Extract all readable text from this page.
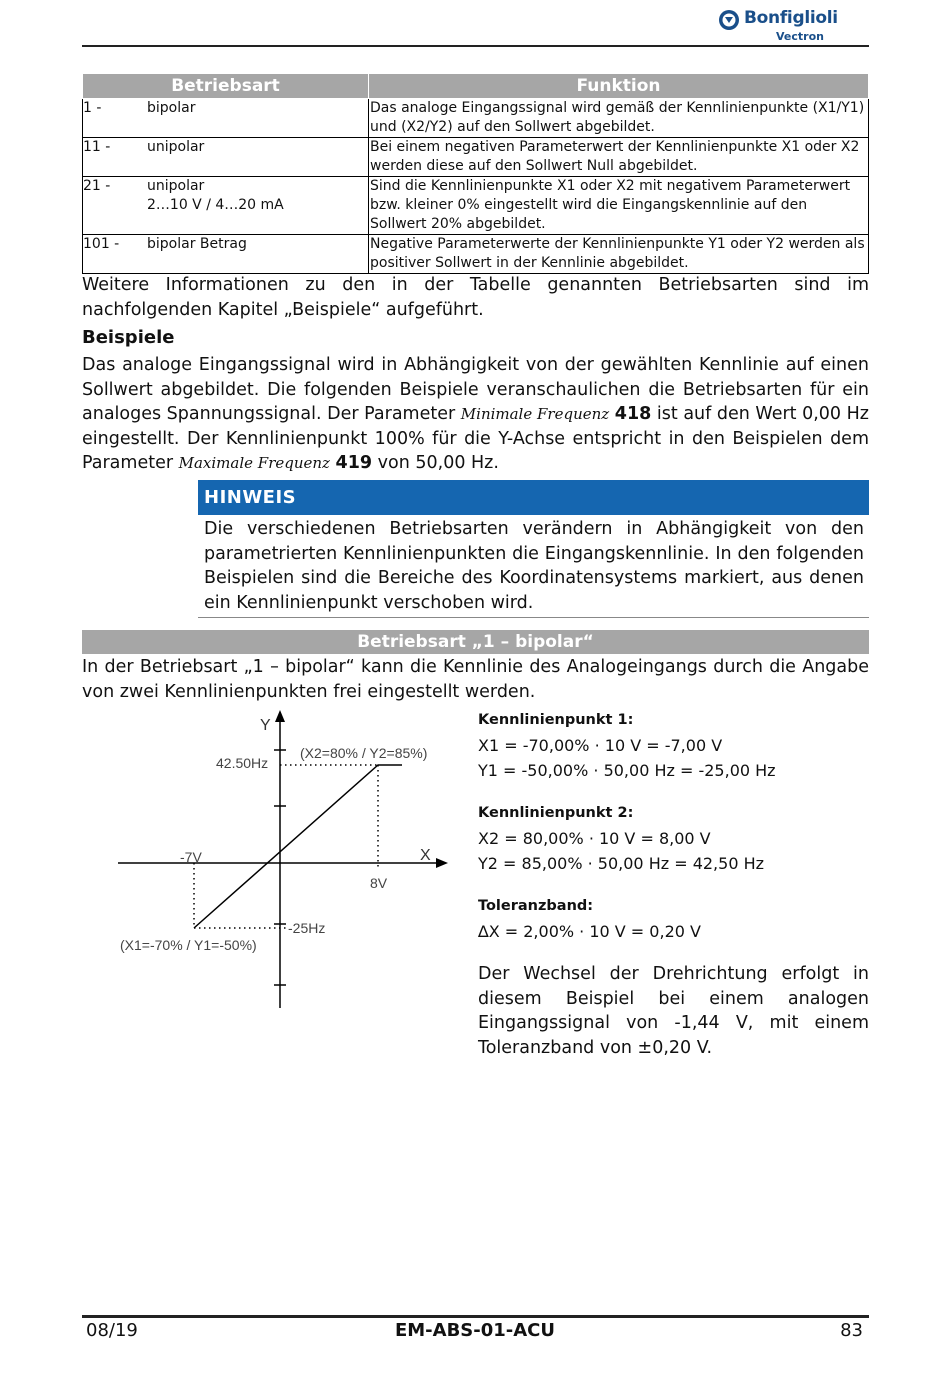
Bonfiglioli
Vectron
Betriebsart	Funktion
1 - bipolar	Das analoge Eingangssignal wird gemäß der Kennlinienpunkte (X1/Y1) und (X2/Y2) auf den Sollwert abgebildet.
11 - unipolar	Bei einem negativen Parameterwert der Kennlinienpunkte X1 oder X2 werden diese auf den Sollwert Null abgebildet.
21 - unipolar
2…10 V / 4…20 mA	Sind die Kennlinienpunkte X1 oder X2 mit negativem Parameterwert bzw. kleiner 0% eingestellt wird die Eingangskennlinie auf den Sollwert 20% abgebildet.
101 - bipolar Betrag	Negative Parameterwerte der Kennlinienpunkte Y1 oder Y2 werden als positiver Sollwert in der Kennlinie abgebildet.
Weitere Informationen zu den in der Tabelle genannten Betriebsarten sind im nachfolgenden Kapitel „Beispiele“ aufgeführt.
Beispiele
Das analoge Eingangssignal wird in Abhängigkeit von der gewählten Kennlinie auf einen Sollwert abgebildet. Die folgenden Beispiele veranschaulichen die Betriebsarten für ein analoges Spannungssignal. Der Parameter Minimale Frequenz 418 ist auf den Wert 0,00 Hz eingestellt. Der Kennlinienpunkt 100% für die Y-Achse entspricht in den Beispielen dem Parameter Maximale Frequenz 419 von 50,00 Hz.
HINWEIS
Die verschiedenen Betriebsarten verändern in Abhängigkeit von den parametrierten Kennlinienpunkten die Eingangskennlinie. In den folgenden Beispielen sind die Bereiche des Koordinatensystems markiert, aus denen ein Kennlinienpunkt verschoben wird.
Betriebsart „1 – bipolar“
In der Betriebsart „1 – bipolar“ kann die Kennlinie des Analogeingangs durch die Angabe von zwei Kennlinienpunkten frei eingestellt werden.
Y
X
42.50Hz
(X2=80% / Y2=85%)
-7V
8V
-25Hz
(X1=-70% / Y1=-50%)
Kennlinienpunkt 1:
X1 = -70,00% · 10 V = -7,00 V
Y1 = -50,00% · 50,00 Hz = -25,00 Hz
Kennlinienpunkt 2:
X2 = 80,00% · 10 V = 8,00 V
Y2 = 85,00% · 50,00 Hz = 42,50 Hz
Toleranzband:
∆X = 2,00% · 10 V = 0,20 V
Der Wechsel der Drehrichtung erfolgt in diesem Beispiel bei einem analogen Eingangssignal von -1,44 V, mit einem Toleranzband von ±0,20 V.
08/19	EM-ABS-01-ACU	83
